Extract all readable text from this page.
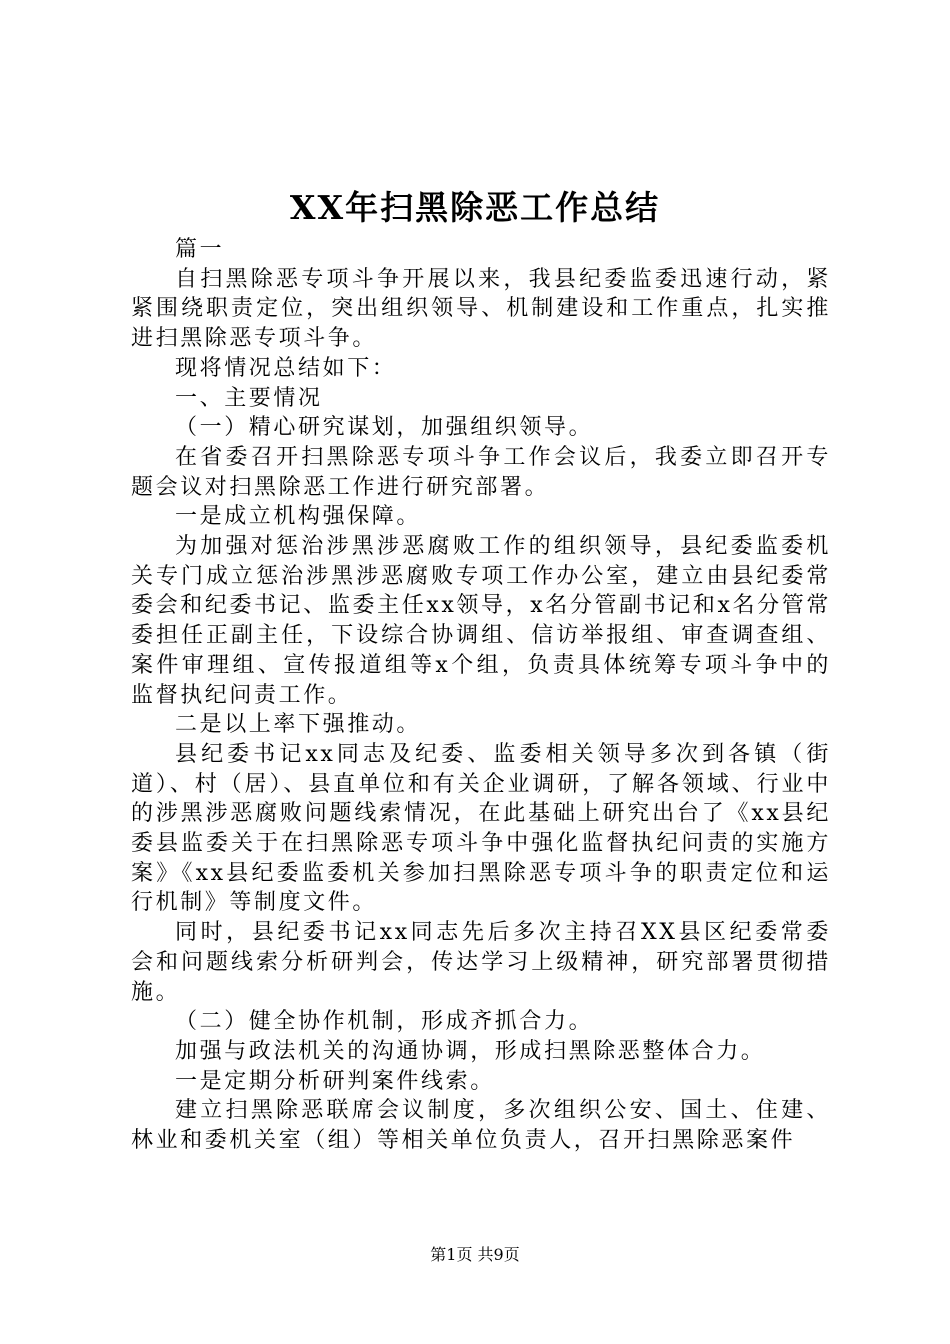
XX年扫黑除恶工作总结

篇一

自扫黑除恶专项斗争开展以来，我县纪委监委迅速行动，紧紧围绕职责定位，突出组织领导、机制建设和工作重点，扎实推进扫黑除恶专项斗争。

现将情况总结如下：

一、主要情况

（一）精心研究谋划，加强组织领导。

在省委召开扫黑除恶专项斗争工作会议后，我委立即召开专题会议对扫黑除恶工作进行研究部署。

一是成立机构强保障。

为加强对惩治涉黑涉恶腐败工作的组织领导，县纪委监委机关专门成立惩治涉黑涉恶腐败专项工作办公室，建立由县纪委常委会和纪委书记、监委主任xx领导，x名分管副书记和x名分管常委担任正副主任，下设综合协调组、信访举报组、审查调查组、案件审理组、宣传报道组等x个组，负责具体统筹专项斗争中的监督执纪问责工作。

二是以上率下强推动。

县纪委书记xx同志及纪委、监委相关领导多次到各镇（街道）、村（居）、县直单位和有关企业调研，了解各领域、行业中的涉黑涉恶腐败问题线索情况，在此基础上研究出台了《xx县纪委县监委关于在扫黑除恶专项斗争中强化监督执纪问责的实施方案》《xx县纪委监委机关参加扫黑除恶专项斗争的职责定位和运行机制》等制度文件。

同时，县纪委书记xx同志先后多次主持召XX县区纪委常委会和问题线索分析研判会，传达学习上级精神，研究部署贯彻措施。

（二）健全协作机制，形成齐抓合力。

加强与政法机关的沟通协调，形成扫黑除恶整体合力。

一是定期分析研判案件线索。

建立扫黑除恶联席会议制度，多次组织公安、国土、住建、林业和委机关室（组）等相关单位负责人，召开扫黑除恶案件

第1页 共9页
